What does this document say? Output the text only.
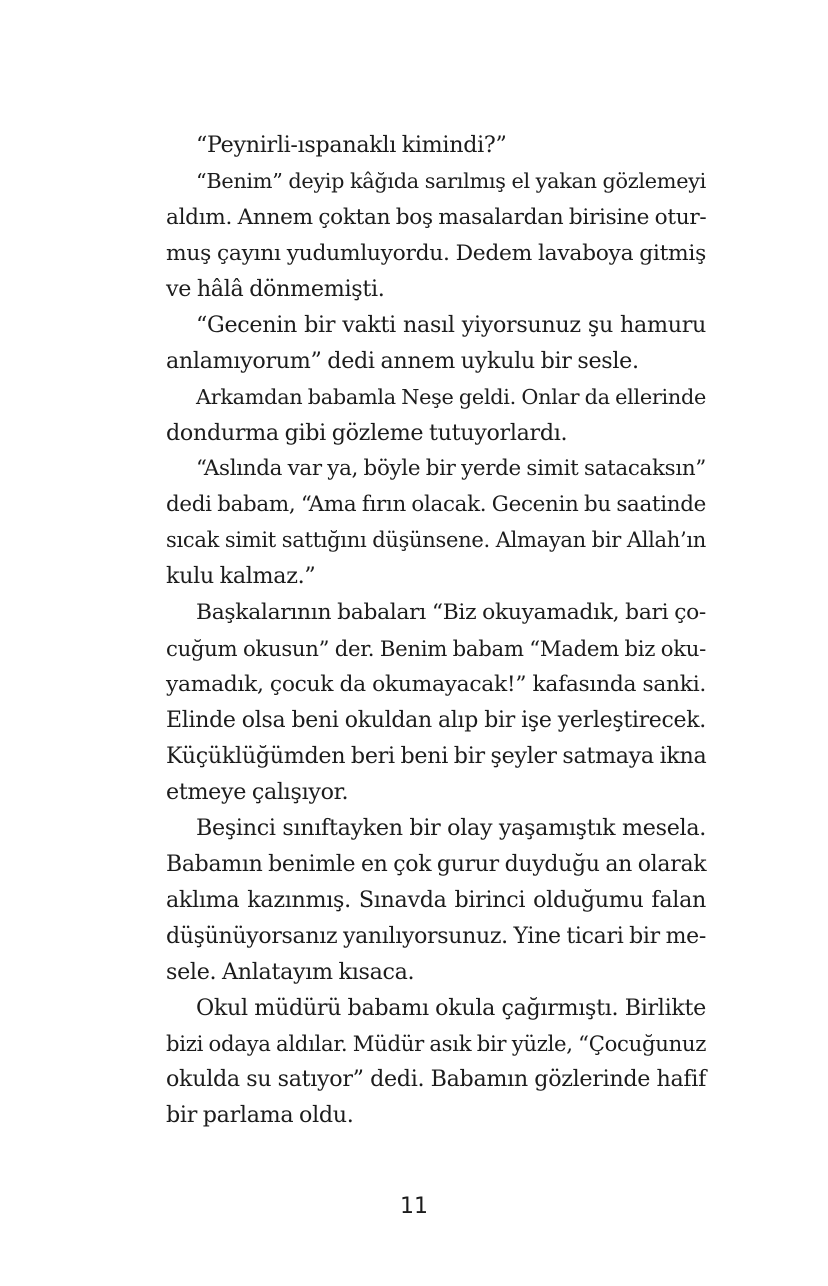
“Peynirli-ıspanaklı kimindi?”
“Benim” deyip kâğıda sarılmış el yakan gözlemeyi
aldım. Annem çoktan boş masalardan birisine otur-
muş çayını yudumluyordu. Dedem lavaboya gitmiş
ve hâlâ dönmemişti.
“Gecenin bir vakti nasıl yiyorsunuz şu hamuru
anlamıyorum” dedi annem uykulu bir sesle.
Arkamdan babamla Neşe geldi. Onlar da ellerinde
dondurma gibi gözleme tutuyorlardı.
“Aslında var ya, böyle bir yerde simit satacaksın”
dedi babam, “Ama fırın olacak. Gecenin bu saatinde
sıcak simit sattığını düşünsene. Almayan bir Allah’ın
kulu kalmaz.”
Başkalarının babaları “Biz okuyamadık, bari ço-
cuğum okusun” der. Benim babam “Madem biz oku-
yamadık, çocuk da okumayacak!” kafasında sanki.
Elinde olsa beni okuldan alıp bir işe yerleştirecek.
Küçüklüğümden beri beni bir şeyler satmaya ikna
etmeye çalışıyor.
Beşinci sınıftayken bir olay yaşamıştık mesela.
Babamın benimle en çok gurur duyduğu an olarak
aklıma kazınmış. Sınavda birinci olduğumu falan
düşünüyorsanız yanılıyorsunuz. Yine ticari bir me-
sele. Anlatayım kısaca.
Okul müdürü babamı okula çağırmıştı. Birlikte
bizi odaya aldılar. Müdür asık bir yüzle, “Çocuğunuz
okulda su satıyor” dedi. Babamın gözlerinde hafif
bir parlama oldu.
11
